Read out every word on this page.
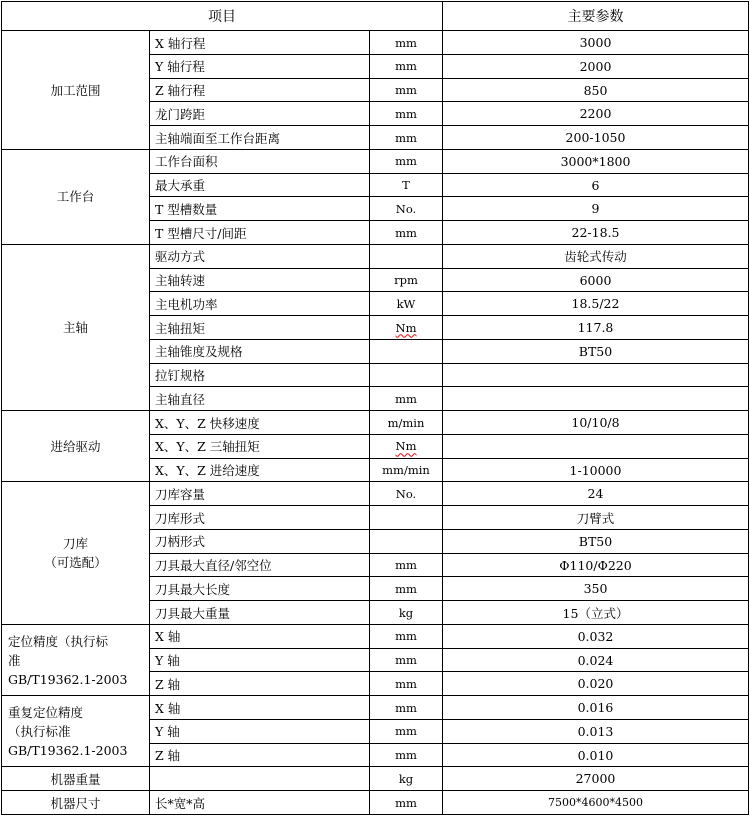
项目			主要参数
加工范围	X 轴行程	mm	3000
	Y 轴行程	mm	2000
	Z 轴行程	mm	850
	龙门跨距	mm	2200
	主轴端面至工作台距离	mm	200-1050
工作台	工作台面积	mm	3000*1800
	最大承重	T	6
	T 型槽数量	No.	9
	T 型槽尺寸/间距	mm	22-18.5
主轴	驱动方式		齿轮式传动
	主轴转速	rpm	6000
	主电机功率	kW	18.5/22
	主轴扭矩	Nm	117.8
	主轴锥度及规格		BT50
	拉钉规格		
	主轴直径	mm	
进给驱动	X、Y、Z 快移速度	m/min	10/10/8
	X、Y、Z 三轴扭矩	Nm	
	X、Y、Z 进给速度	mm/min	1-10000
刀库
（可选配）	刀库容量	No.	24
	刀库形式		刀臂式
	刀柄形式		BT50
	刀具最大直径/邻空位	mm	Φ110/Φ220
	刀具最大长度	mm	350
	刀具最大重量	kg	15（立式）
定位精度（执行标
准
GB/T19362.1-2003	X 轴	mm	0.032
	Y 轴	mm	0.024
	Z 轴	mm	0.020
重复定位精度
（执行标准
GB/T19362.1-2003	X 轴	mm	0.016
	Y 轴	mm	0.013
	Z 轴	mm	0.010
机器重量		kg	27000
机器尺寸	长*宽*高	mm	7500*4600*4500
